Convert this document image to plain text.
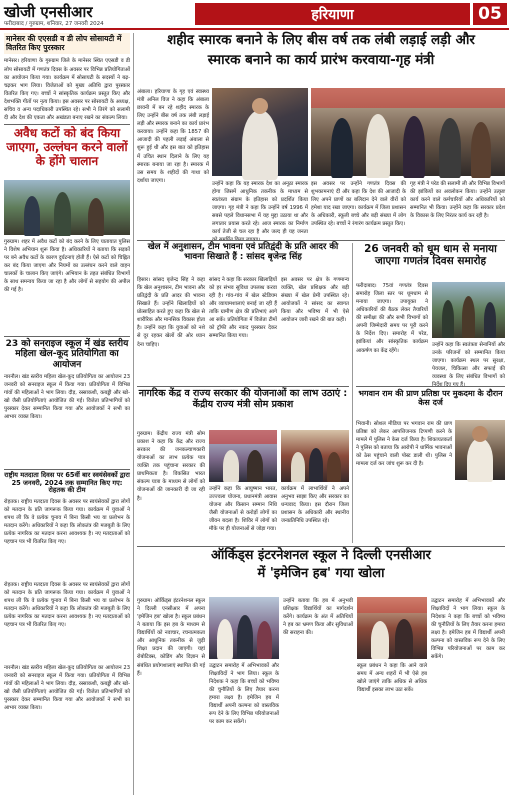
खोजी एनसीआर
फरीदाबाद / गुरुग्राम, शनिवार, 27 जनवरी 2024
हरियाणा	05
मानेसर की एएसडी व डी लोप सोसायटी में वितरित किए पुरस्कार
मानेसर। हरियाणा के गुरुग्राम जिले के मानेसर स्थित एएसडी व डी लोप सोसायटी में गणतंत्र दिवस के अवसर पर विभिन्न प्रतियोगिताओं का आयोजन किया गया। कार्यक्रम में सोसायटी के सदस्यों ने बढ़-चढ़कर भाग लिया। विजेताओं को मुख्य अतिथि द्वारा पुरस्कार वितरित किए गए। बच्चों ने सांस्कृतिक कार्यक्रम प्रस्तुत किए और देशभक्ति गीतों पर नृत्य किया। इस अवसर पर सोसायटी के अध्यक्ष, सचिव व अन्य पदाधिकारी उपस्थित रहे। सभी ने तिरंगे को सलामी दी और देश की एकता और अखंडता बनाए रखने का संकल्प लिया।
अवैध कटों को बंद किया जाएगा, उल्लंघन करने वालों के होंगे चालान
गुरुग्राम। शहर में अवैध कटों को बंद करने के लिए यातायात पुलिस ने विशेष अभियान शुरू किया है। अधिकारियों ने बताया कि सड़कों पर बने अवैध कटों के कारण दुर्घटनाएं होती हैं। ऐसे कटों को चिह्नित कर बंद किया जाएगा और नियमों का उल्लंघन करने वाले वाहन चालकों के चालान किए जाएंगे। अभियान के तहत संबंधित विभागों के साथ समन्वय किया जा रहा है और लोगों से सहयोग की अपील की गई है।
23 को सनराइज स्कूल में खंड स्तरीय महिला खेल-कूद प्रतियोगिता का आयोजन
नारनौल। खंड स्तरीय महिला खेल-कूद प्रतियोगिता का आयोजन 23 जनवरी को सनराइज स्कूल में किया गया। प्रतियोगिता में विभिन्न गांवों की महिलाओं ने भाग लिया। दौड़, रस्साकशी, कबड्डी और खो-खो जैसी प्रतियोगिताएं आयोजित की गईं। विजेता प्रतिभागियों को पुरस्कार देकर सम्मानित किया गया और आयोजकों ने सभी का आभार व्यक्त किया।
राष्ट्रीय मतदाता दिवस पर 65वीं बार स्वयंसेवकों द्वारा 25 जनवरी, 2024 तक सम्मानित किए गए: रोहतक की टीम
रोहतक। राष्ट्रीय मतदाता दिवस के अवसर पर स्वयंसेवकों द्वारा लोगों को मतदान के प्रति जागरूक किया गया। कार्यक्रम में युवाओं ने शपथ ली कि वे प्रत्येक चुनाव में बिना किसी भय या प्रलोभन के मतदान करेंगे। अधिकारियों ने कहा कि लोकतंत्र की मजबूती के लिए प्रत्येक नागरिक का मतदान करना आवश्यक है। नए मतदाताओं को पहचान पत्र भी वितरित किए गए।
रोहतक। राष्ट्रीय मतदाता दिवस के अवसर पर स्वयंसेवकों द्वारा लोगों को मतदान के प्रति जागरूक किया गया। कार्यक्रम में युवाओं ने शपथ ली कि वे प्रत्येक चुनाव में बिना किसी भय या प्रलोभन के मतदान करेंगे। अधिकारियों ने कहा कि लोकतंत्र की मजबूती के लिए प्रत्येक नागरिक का मतदान करना आवश्यक है। नए मतदाताओं को पहचान पत्र भी वितरित किए गए।
नारनौल। खंड स्तरीय महिला खेल-कूद प्रतियोगिता का आयोजन 23 जनवरी को सनराइज स्कूल में किया गया। प्रतियोगिता में विभिन्न गांवों की महिलाओं ने भाग लिया। दौड़, रस्साकशी, कबड्डी और खो-खो जैसी प्रतियोगिताएं आयोजित की गईं। विजेता प्रतिभागियों को पुरस्कार देकर सम्मानित किया गया और आयोजकों ने सभी का आभार व्यक्त किया।
शहीद स्मारक बनाने के लिए बीस वर्ष तक लंबी लड़ाई लड़ी और
स्मारक बनाने का कार्य प्रारंभ करवाया-गृह मंत्री
अंबाला। हरियाणा के गृह एवं स्वास्थ्य मंत्री अनिल विज ने कहा कि अंबाला छावनी में बन रहे शहीद स्मारक के लिए उन्होंने बीस वर्ष तक लंबी लड़ाई लड़ी और स्मारक बनाने का कार्य प्रारंभ करवाया। उन्होंने कहा कि 1857 की आजादी की पहली लड़ाई अंबाला से शुरू हुई थी और इस बात को इतिहास में उचित स्थान दिलाने के लिए यह स्मारक बनाया जा रहा है। स्मारक में उस समय के शहीदों की गाथा को दर्शाया जाएगा।
उन्होंने कहा कि यह स्मारक देश का अनूठा स्मारक होगा जिसमें आधुनिक तकनीक के माध्यम से स्वतंत्रता संग्राम के इतिहास को प्रदर्शित किया जाएगा। गृह मंत्री ने कहा कि उन्होंने वर्ष 1996 में सबसे पहले विधानसभा में यह मुद्दा उठाया था और लगातार प्रयास करते रहे। आज स्मारक का निर्माण कार्य तेजी से चल रहा है और जल्द ही यह जनता
इस अवसर पर उन्होंने गणतंत्र दिवस की शुभकामनाएं दीं और कहा कि देश की आजादी के लिए अपने प्राणों का बलिदान देने वाले वीरों को हमेशा याद रखा जाएगा। कार्यक्रम में जिला प्रशासन के अधिकारी, स्कूली बच्चे और बड़ी संख्या में लोग उपस्थित रहे। बच्चों ने रंगारंग कार्यक्रम प्रस्तुत किए।
गृह मंत्री ने परेड की सलामी ली और विभिन्न विभागों की झांकियों का अवलोकन किया। उन्होंने उत्कृष्ट कार्य करने वाले कर्मचारियों और अधिकारियों को सम्मानित भी किया। उन्होंने कहा कि सरकार प्रदेश के विकास के लिए निरंतर कार्य कर रही है।
खेल में अनुशासन, टीम भावना एवं प्रतिद्वंदी के प्रति आदर की भावना सिखाते हैं : सांसद बृजेन्द्र सिंह
हिसार। सांसद बृजेन्द्र सिंह ने कहा कि खेल अनुशासन, टीम भावना और प्रतिद्वंदी के प्रति आदर की भावना सिखाते हैं। उन्होंने खिलाड़ियों को प्रोत्साहित करते हुए कहा कि खेल से शारीरिक और मानसिक विकास होता है। उन्होंने कहा कि युवाओं को नशे से दूर रहकर खेलों की ओर ध्यान देना चाहिए।
सांसद ने कहा कि सरकार खिलाड़ियों को हर संभव सुविधा उपलब्ध करवा रही है। गांव-गांव में खेल स्टेडियम और व्यायामशालाएं बनाई जा रही हैं ताकि ग्रामीण क्षेत्र की प्रतिभाएं आगे आ सकें। प्रतियोगिता में विजेता टीमों को ट्रॉफी और नकद पुरस्कार देकर सम्मानित किया गया।
इस अवसर पर क्षेत्र के गणमान्य व्यक्ति, खेल प्रशिक्षक और बड़ी संख्या में खेल प्रेमी उपस्थित रहे। आयोजकों ने सांसद का स्वागत किया और भविष्य में भी ऐसे आयोजन जारी रखने की बात कही।
26 जनवरी को धूम धाम से मनाया जाएगा गणतंत्र दिवस समारोह
फरीदाबाद। 75वां गणतंत्र दिवस समारोह जिला स्तर पर धूमधाम से मनाया जाएगा। उपायुक्त ने अधिकारियों की बैठक लेकर तैयारियों की समीक्षा की और सभी विभागों को अपनी जिम्मेदारी समय पर पूरी करने के निर्देश दिए। समारोह में परेड, झांकियां और सांस्कृतिक कार्यक्रम आकर्षण का केंद्र रहेंगे।
उन्होंने कहा कि स्वतंत्रता सेनानियों और उनके परिजनों को सम्मानित किया जाएगा। कार्यक्रम स्थल पर सुरक्षा, पेयजल, चिकित्सा और सफाई की व्यवस्था के लिए संबंधित विभागों को
नागरिक केंद्र व राज्य सरकार की योजनाओं का लाभ उठाएं : केंद्रीय राज्य मंत्री सोम प्रकाश
गुरुग्राम। केंद्रीय राज्य मंत्री सोम प्रकाश ने कहा कि केंद्र और राज्य सरकार की जनकल्याणकारी योजनाओं का लाभ प्रत्येक पात्र व्यक्ति तक पहुंचाना सरकार की प्राथमिकता है। विकसित भारत संकल्प यात्रा के माध्यम से लोगों को योजनाओं की जानकारी दी जा रही है।
उन्होंने कहा कि आयुष्मान भारत, उज्ज्वला योजना, प्रधानमंत्री आवास योजना और किसान सम्मान निधि जैसी योजनाओं से करोड़ों लोगों का जीवन बदला है। शिविर में लोगों को मौके पर ही योजनाओं से जोड़ा गया।
कार्यक्रम में लाभार्थियों ने अपने अनुभव साझा किए और सरकार का धन्यवाद किया। इस दौरान जिला प्रशासन के अधिकारी और स्थानीय जनप्रतिनिधि उपस्थित रहे।
भगवान राम की प्राण प्रतिष्ठा पर मुकदमा के दौरान केस दर्ज
भिवानी। सोशल मीडिया पर भगवान राम की प्राण प्रतिष्ठा को लेकर आपत्तिजनक टिप्पणी करने के मामले में पुलिस ने केस दर्ज किया है। शिकायतकर्ता ने पुलिस को बताया कि आरोपी ने धार्मिक भावनाओं को ठेस पहुंचाने वाली पोस्ट डाली थी। पुलिस ने मामला दर्ज कर जांच शुरू कर दी है।
ऑर्किड्स इंटरनेशनल स्कूल ने दिल्ली एनसीआर
में 'इमेजिन हब' गया खोला
गुरुग्राम। ऑर्किड्स इंटरनेशनल स्कूल ने दिल्ली एनसीआर में अपना 'इमेजिन हब' खोला है। स्कूल प्रबंधन ने बताया कि इस हब के माध्यम से विद्यार्थियों को नवाचार, रचनात्मकता और आधुनिक तकनीक से जुड़ी शिक्षा प्रदान की जाएगी। यहां रोबोटिक्स, कोडिंग और विज्ञान से संबंधित प्रयोगशालाएं स्थापित की गई हैं।
उद्घाटन समारोह में अभिभावकों और शिक्षाविदों ने भाग लिया। स्कूल के निदेशक ने कहा कि बच्चों को भविष्य की चुनौतियों के लिए तैयार करना हमारा लक्ष्य है। इमेजिन हब में विद्यार्थी अपनी कल्पना को वास्तविक रूप देने के लिए विभिन्न परियोजनाओं पर काम कर सकेंगे।
उन्होंने बताया कि हब में अनुभवी प्रशिक्षक विद्यार्थियों का मार्गदर्शन करेंगे। कार्यक्रम के अंत में अतिथियों ने हब का भ्रमण किया और सुविधाओं की सराहना की।
स्कूल प्रबंधन ने कहा कि आने वाले समय में अन्य शहरों में भी ऐसे हब खोले जाएंगे ताकि अधिक से अधिक विद्यार्थी इसका लाभ उठा सकें।
उद्घाटन समारोह में अभिभावकों और शिक्षाविदों ने भाग लिया। स्कूल के निदेशक ने कहा कि बच्चों को भविष्य की चुनौतियों के लिए तैयार करना हमारा लक्ष्य है। इमेजिन हब में विद्यार्थी अपनी कल्पना को वास्तविक रूप देने के लिए विभिन्न परियोजनाओं पर काम कर सकेंगे।
